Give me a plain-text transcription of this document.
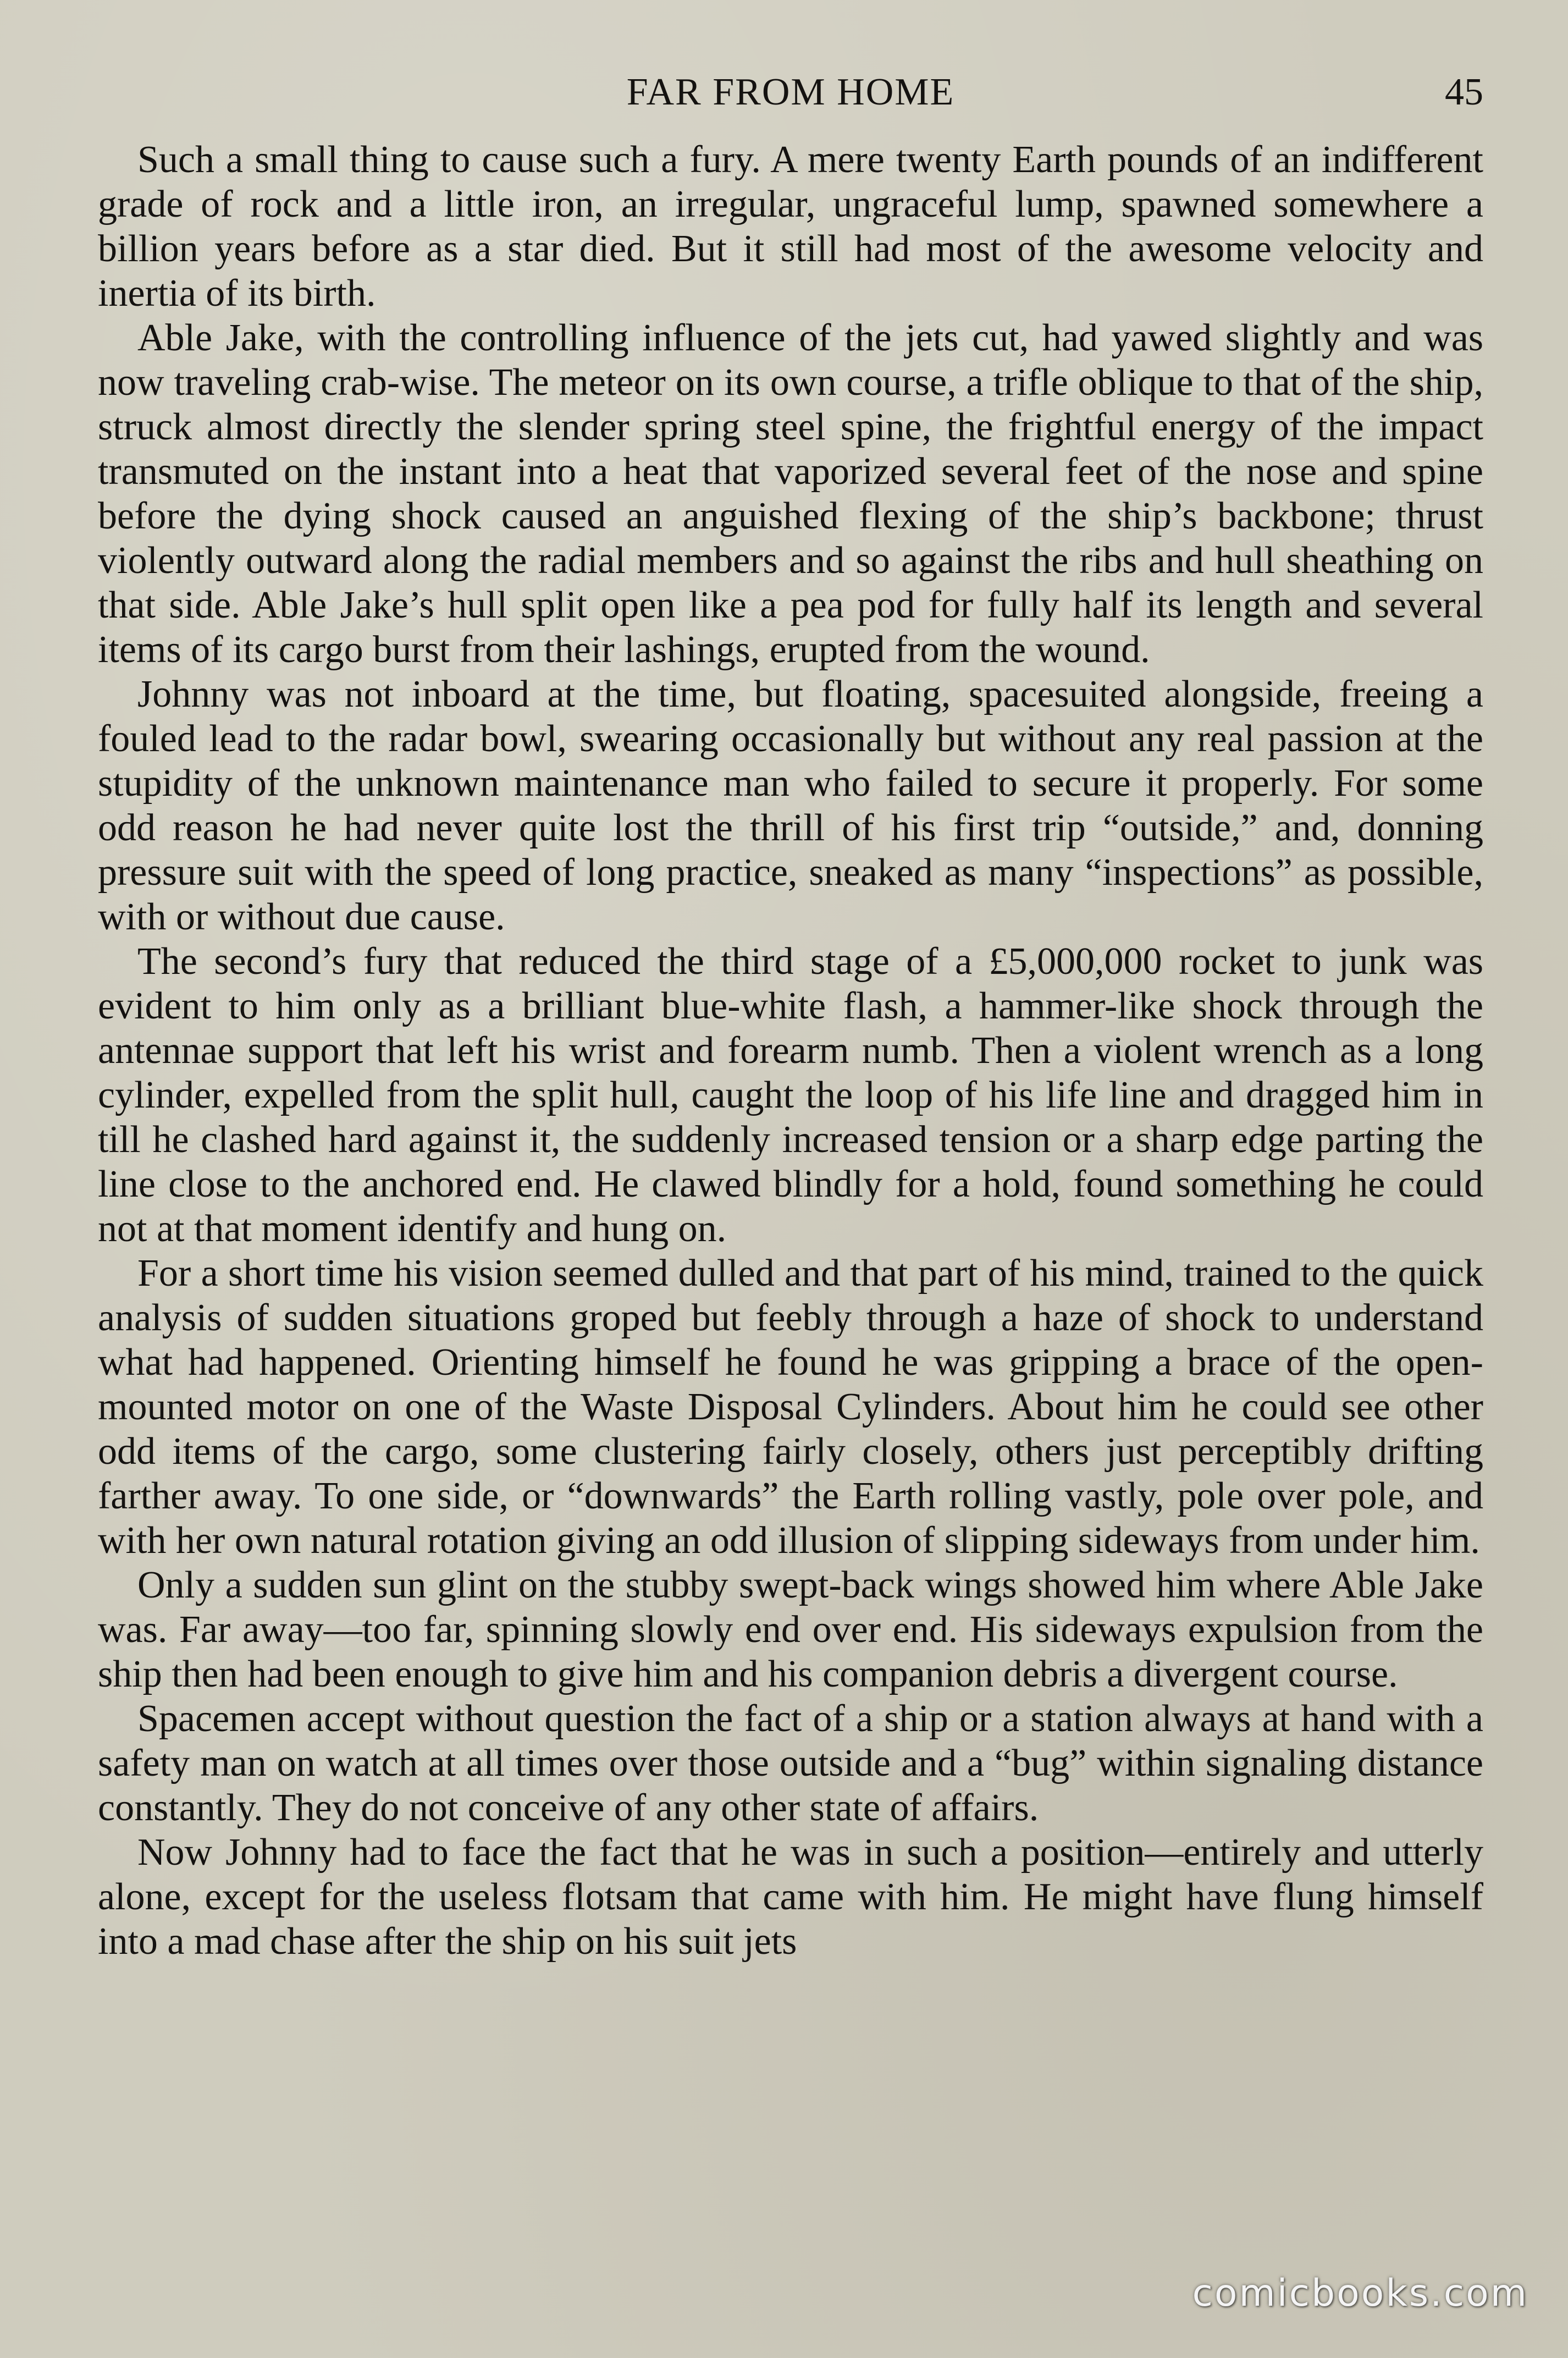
FAR FROM HOME	45

Such a small thing to cause such a fury. A mere twenty Earth pounds of an indifferent grade of rock and a little iron, an irregular, ungraceful lump, spawned somewhere a billion years before as a star died. But it still had most of the awesome velocity and inertia of its birth.

Able Jake, with the controlling influence of the jets cut, had yawed slightly and was now traveling crab-wise. The meteor on its own course, a trifle oblique to that of the ship, struck almost directly the slender spring steel spine, the frightful energy of the impact transmuted on the instant into a heat that vaporized several feet of the nose and spine before the dying shock caused an anguished flexing of the ship’s backbone; thrust violently outward along the radial members and so against the ribs and hull sheathing on that side. Able Jake’s hull split open like a pea pod for fully half its length and several items of its cargo burst from their lashings, erupted from the wound.

Johnny was not inboard at the time, but floating, spacesuited alongside, freeing a fouled lead to the radar bowl, swearing occasionally but without any real passion at the stupidity of the unknown maintenance man who failed to secure it properly. For some odd reason he had never quite lost the thrill of his first trip “outside,” and, donning pressure suit with the speed of long practice, sneaked as many “inspections” as possible, with or without due cause.

The second’s fury that reduced the third stage of a £5,000,000 rocket to junk was evident to him only as a brilliant blue-white flash, a hammer-like shock through the antennae support that left his wrist and forearm numb. Then a violent wrench as a long cylinder, expelled from the split hull, caught the loop of his life line and dragged him in till he clashed hard against it, the suddenly increased tension or a sharp edge parting the line close to the anchored end. He clawed blindly for a hold, found something he could not at that moment identify and hung on.

For a short time his vision seemed dulled and that part of his mind, trained to the quick analysis of sudden situations groped but feebly through a haze of shock to understand what had happened. Orienting himself he found he was gripping a brace of the open-mounted motor on one of the Waste Disposal Cylinders. About him he could see other odd items of the cargo, some clustering fairly closely, others just perceptibly drifting farther away. To one side, or “downwards” the Earth rolling vastly, pole over pole, and with her own natural rotation giving an odd illusion of slipping sideways from under him.

Only a sudden sun glint on the stubby swept-back wings showed him where Able Jake was. Far away—too far, spinning slowly end over end. His sideways expulsion from the ship then had been enough to give him and his companion debris a divergent course.

Spacemen accept without question the fact of a ship or a station always at hand with a safety man on watch at all times over those outside and a “bug” within signaling distance constantly. They do not conceive of any other state of affairs.

Now Johnny had to face the fact that he was in such a position—entirely and utterly alone, except for the useless flotsam that came with him. He might have flung himself into a mad chase after the ship on his suit jets

comicbooks.com
